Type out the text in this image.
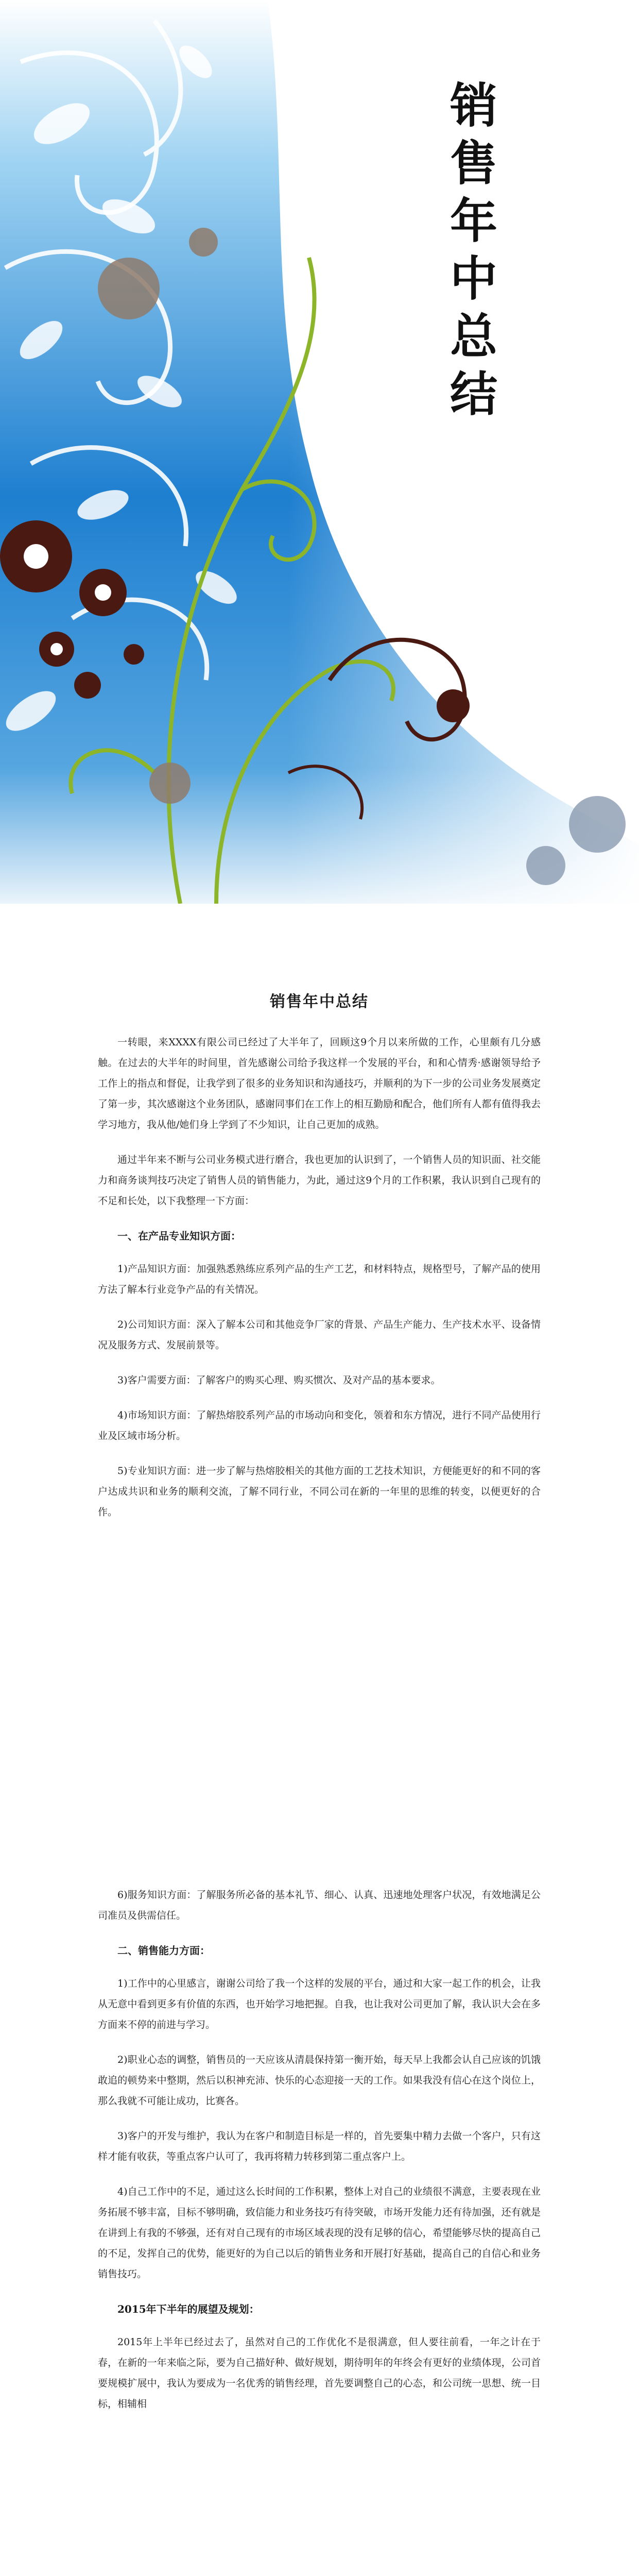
销
售
年
中
总
结
销售年中总结

一转眼，来XXXX有限公司已经过了大半年了，回顾这9个月以来所做的工作，心里颇有几分感触。在过去的大半年的时间里，首先感谢公司给予我这样一个发展的平台，和和心情秀·感谢领导给予工作上的指点和督促，让我学到了很多的业务知识和沟通技巧，并顺利的为下一步的公司业务发展奠定了第一步，其次感谢这个业务团队，感谢同事们在工作上的相互勤励和配合，他们所有人都有值得我去学习地方，我从他/她们身上学到了不少知识，让自己更加的成熟。

通过半年来不断与公司业务模式进行磨合，我也更加的认识到了，一个销售人员的知识面、社交能力和商务谈判技巧决定了销售人员的销售能力，为此，通过这9个月的工作积累，我认识到自己现有的不足和长处，以下我整理一下方面：

一、在产品专业知识方面：

1)产品知识方面：加强熟悉熟练应系列产品的生产工艺，和材料特点，规格型号，了解产品的使用方法了解本行业竞争产品的有关情况。

2)公司知识方面：深入了解本公司和其他竞争厂家的背景、产品生产能力、生产技术水平、设备情况及服务方式、发展前景等。

3)客户需要方面：了解客户的购买心理、购买惯次、及对产品的基本要求。

4)市场知识方面：了解热熔胶系列产品的市场动向和变化，领着和东方情况，进行不同产品使用行业及区域市场分析。

5)专业知识方面：进一步了解与热熔胶相关的其他方面的工艺技术知识，方便能更好的和不同的客户达成共识和业务的顺利交流，了解不同行业，不同公司在新的一年里的思维的转变，以便更好的合作。

6)服务知识方面：了解服务所必备的基本礼节、细心、认真、迅速地处理客户状况，有效地满足公司准员及供需信任。

二、销售能力方面：

1)工作中的心里感言，谢谢公司给了我一个这样的发展的平台，通过和大家一起工作的机会，让我从无意中看到更多有价值的东西，也开始学习地把握。自我，也让我对公司更加了解，我认识大会在多方面来不停的前进与学习。

2)职业心态的调整，销售员的一天应该从清晨保持第一衡开始，每天早上我都会认自己应该的饥饿敢追的顿势来中整期，然后以积神充沛、快乐的心态迎接一天的工作。如果我没有信心在这个岗位上，那么我就不可能让成功，比赛各。

3)客户的开发与维护，我认为在客户和制造目标是一样的，首先要集中精力去做一个客户，只有这样才能有收获，等重点客户认可了，我再将精力转移到第二重点客户上。

4)自己工作中的不足，通过这么长时间的工作积累，整体上对自己的业绩很不满意，主要表现在业务拓展不够丰富，目标不够明确，致信能力和业务技巧有待突破，市场开发能力还有待加强，还有就是在讲到上有我的不够强，还有对自己现有的市场区域表现的没有足够的信心，希望能够尽快的提高自己的不足，发挥自己的优势，能更好的为自己以后的销售业务和开展打好基础，提高自己的自信心和业务销售技巧。

2015年下半年的展望及规划：

2015年上半年已经过去了，虽然对自己的工作优化不是很满意，但人要往前看，一年之计在于春，在新的一年来临之际，要为自己描好种、做好规划，期待明年的年终会有更好的业绩体现，公司首要规模扩展中，我认为要成为一名优秀的销售经理，首先要调整自己的心态，和公司统一思想、统一目标，相辅相
